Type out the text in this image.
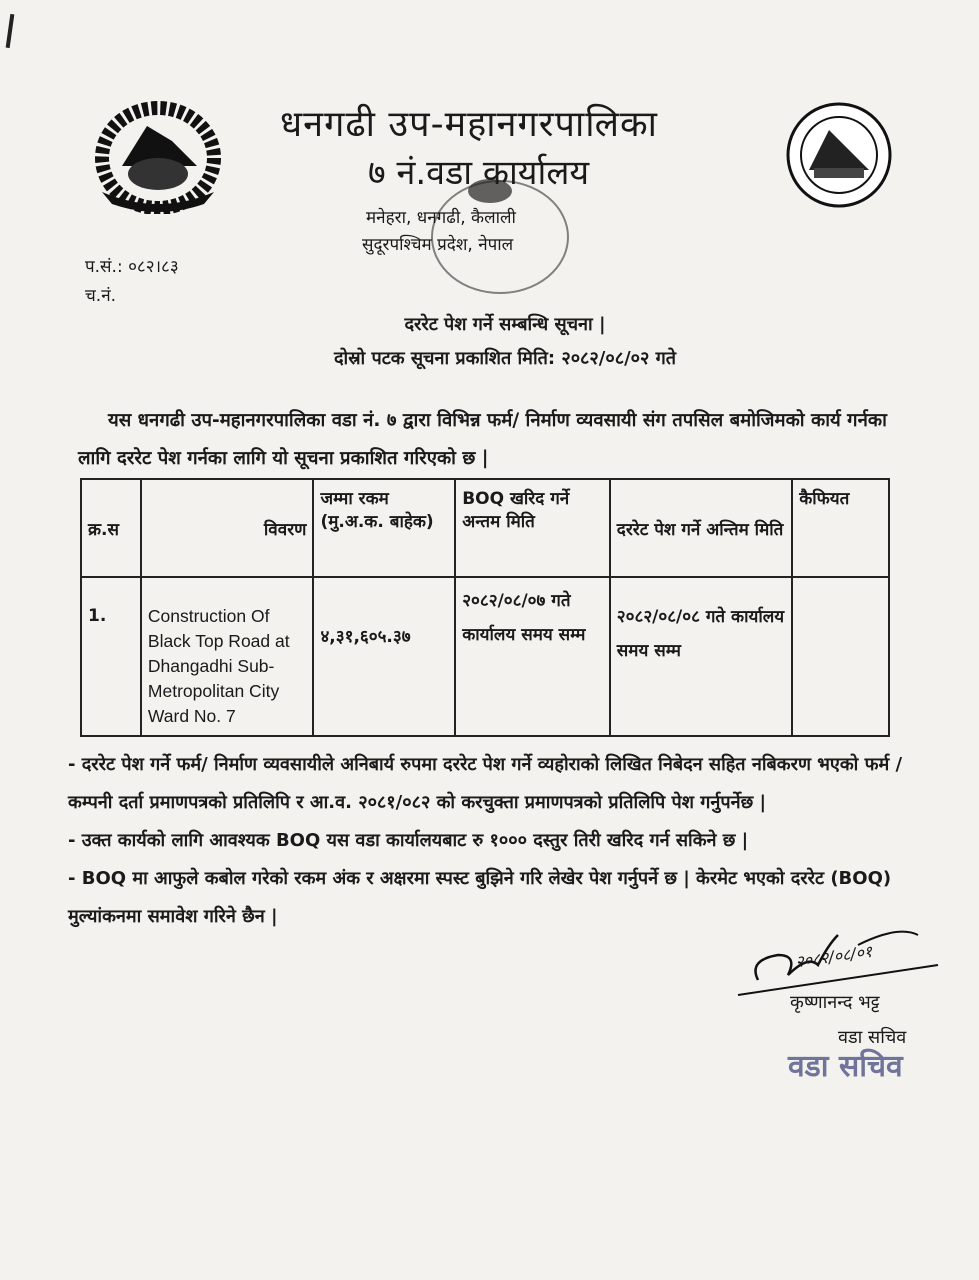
धनगढी उप-महानगरपालिका
७ नं.वडा कार्यालय
मनेहरा, धनगढी, कैलाली
सुदूरपश्चिम प्रदेश, नेपाल
प.सं.: ०८२।८३
च.नं.
दररेट पेश गर्ने सम्बन्धि सूचना |
दोस्रो पटक सूचना प्रकाशित मिति: २०८२/०८/०२ गते
यस धनगढी उप-महानगरपालिका वडा नं. ७ द्वारा विभिन्न फर्म/ निर्माण व्यवसायी संग तपसिल बमोजिमको कार्य गर्नका लागि दररेट पेश गर्नका लागि यो सूचना प्रकाशित गरिएको छ |
क्र.स	विवरण	जम्मा रकम (मु.अ.क. बाहेक)	BOQ खरिद गर्ने अन्तम मिति	दररेट पेश गर्ने अन्तिम मिति	कैफियत
1.	Construction Of Black Top Road at Dhangadhi Sub-Metropolitan City Ward No. 7	४,३१,६०५.३७	२०८२/०८/०७ गते कार्यालय समय सम्म	२०८२/०८/०८ गते कार्यालय समय सम्म	

- दररेट पेश गर्ने फर्म/ निर्माण व्यवसायीले अनिबार्य रुपमा दररेट पेश गर्ने व्यहोराको लिखित निबेदन सहित नबिकरण भएको फर्म / कम्पनी दर्ता प्रमाणपत्रको प्रतिलिपि र आ.व. २०८१/०८२ को करचुक्ता प्रमाणपत्रको प्रतिलिपि पेश गर्नुपर्नेछ |

- उक्त कार्यको लागि आवश्यक BOQ यस वडा कार्यालयबाट रु १००० दस्तुर तिरी खरिद गर्न सकिने छ |

- BOQ मा आफुले कबोल गरेको रकम अंक र अक्षरमा स्पस्ट बुझिने गरि लेखेर पेश गर्नुपर्ने छ | केरमेट भएको दररेट (BOQ) मुल्यांकनमा समावेश गरिने छैन |

२०८२/०८/०१
कृष्णानन्द भट्ट
वडा सचिव
वडा सचिव
